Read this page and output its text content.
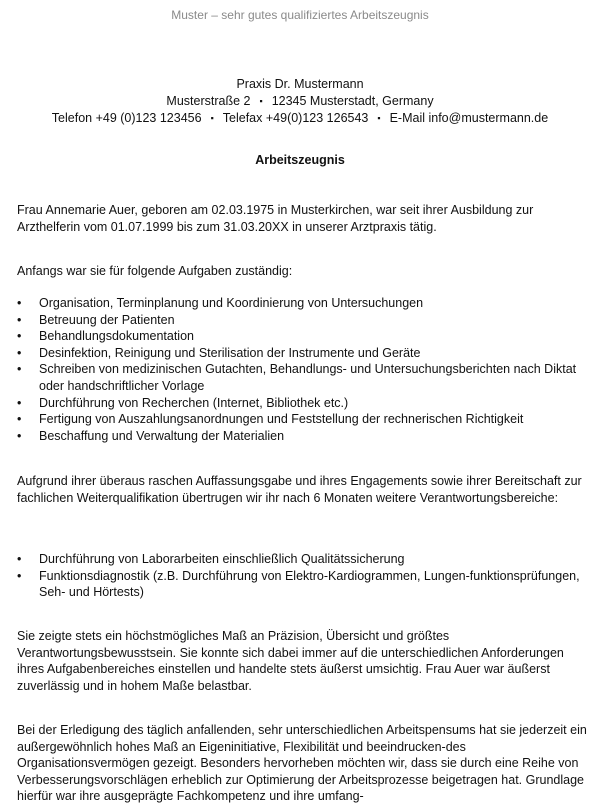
Muster – sehr gutes qualifiziertes Arbeitszeugnis
Praxis Dr. Mustermann
Musterstraße 2 ▪ 12345 Musterstadt, Germany
Telefon +49 (0)123 123456 ▪ Telefax +49(0)123 126543 ▪ E-Mail info@mustermann.de
Arbeitszeugnis

Frau Annemarie Auer, geboren am 02.03.1975 in Musterkirchen, war seit ihrer Ausbildung zur Arzthelferin vom 01.07.1999 bis zum 31.03.20XX in unserer Arztpraxis tätig.

Anfangs war sie für folgende Aufgaben zuständig:

• Organisation, Terminplanung und Koordinierung von Untersuchungen
• Betreuung der Patienten
• Behandlungsdokumentation
• Desinfektion, Reinigung und Sterilisation der Instrumente und Geräte
• Schreiben von medizinischen Gutachten, Behandlungs- und Untersuchungsberichten nach Diktat oder handschriftlicher Vorlage
• Durchführung von Recherchen (Internet, Bibliothek etc.)
• Fertigung von Auszahlungsanordnungen und Feststellung der rechnerischen Richtigkeit
• Beschaffung und Verwaltung der Materialien

Aufgrund ihrer überaus raschen Auffassungsgabe und ihres Engagements sowie ihrer Bereitschaft zur fachlichen Weiterqualifikation übertrugen wir ihr nach 6 Monaten weitere Verantwortungsbereiche:

• Durchführung von Laborarbeiten einschließlich Qualitätssicherung
• Funktionsdiagnostik (z.B. Durchführung von Elektro-Kardiogrammen, Lungen-funktionsprüfungen, Seh- und Hörtests)

Sie zeigte stets ein höchstmögliches Maß an Präzision, Übersicht und größtes Verantwortungsbewusstsein. Sie konnte sich dabei immer auf die unterschiedlichen Anforderungen ihres Aufgabenbereiches einstellen und handelte stets äußerst umsichtig. Frau Auer war äußerst zuverlässig und in hohem Maße belastbar.

Bei der Erledigung des täglich anfallenden, sehr unterschiedlichen Arbeitspensums hat sie jederzeit ein außergewöhnlich hohes Maß an Eigeninitiative, Flexibilität und beeindrucken-des Organisationsvermögen gezeigt. Besonders hervorheben möchten wir, dass sie durch eine Reihe von Verbesserungsvorschlägen erheblich zur Optimierung der Arbeitsprozesse beigetragen hat. Grundlage hierfür war ihre ausgeprägte Fachkompetenz und ihre umfang-
